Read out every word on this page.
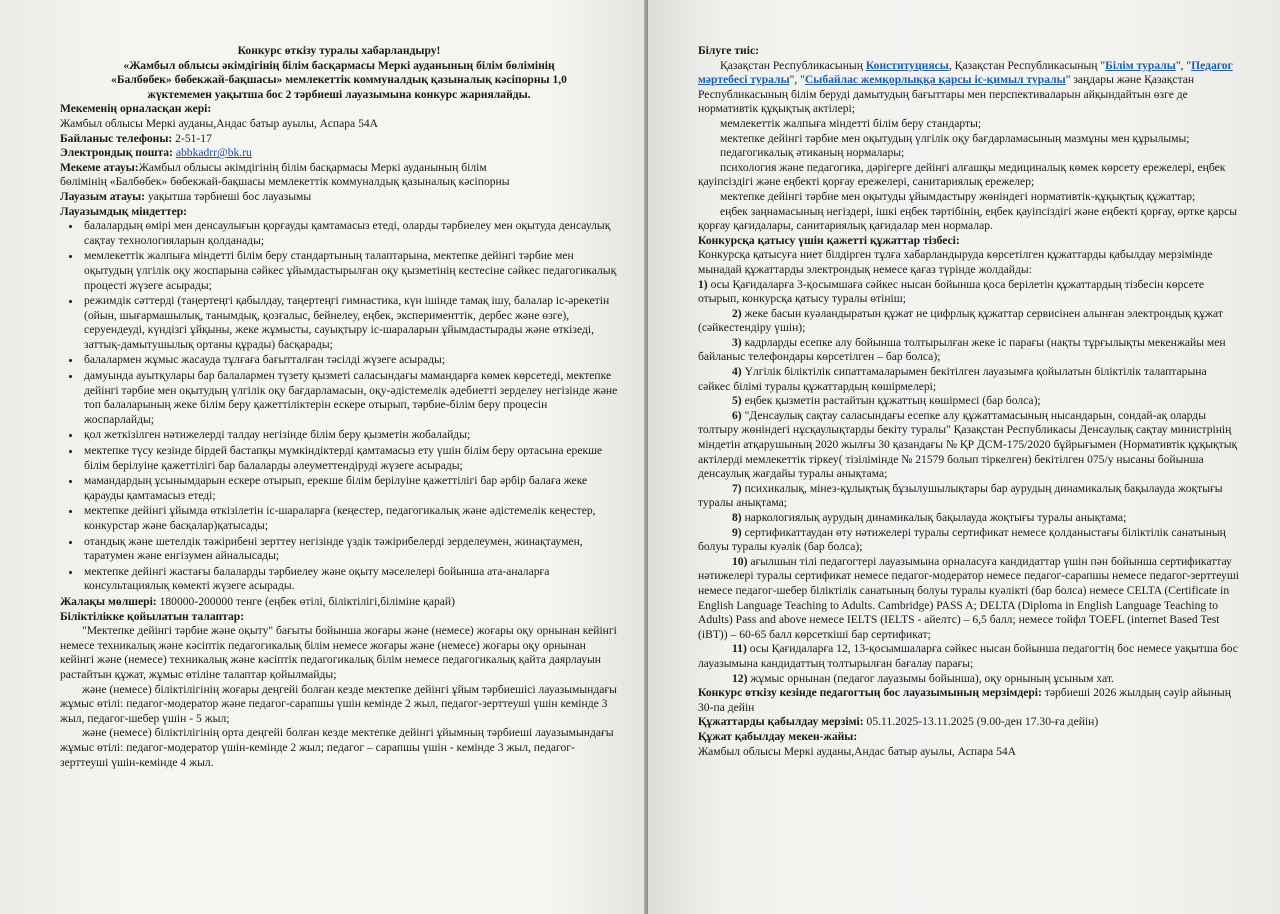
Конкурс өткізу туралы хабарландыру!

«Жамбыл облысы әкімдігінің білім басқармасы Меркі ауданының білім бөлімінің

«Балбөбек» бөбекжай-бақшасы» мемлекеттік коммуналдық қазыналық кәсіпорны 1,0

жүктемемен уақытша бос 2 тәрбиеші лауазымына конкурс жариялайды.

Мекеменің орналасқан жері:

Жамбыл облысы Меркі ауданы,Андас батыр ауылы, Аспара 54А

Байланыс телефоны: 2-51-17

Электрондық поштa: abbkadrr@bk.ru

Мекеме атауы:Жамбыл облысы әкімдігінің білім басқармасы Меркі ауданының білім

бөлімінің «Балбөбек» бөбекжай-бақшасы мемлекеттік коммуналдық қазыналық кәсіпорны

Лауазым атауы: уақытша тәрбиеші бос лауазымы

Лауазымдық міндеттер:

• балалардың өмірі мен денсаулығын қорғауды қамтамасыз етеді, оларды тәрбиелеу мен оқытуда денсаулық сақтау технологияларын қолданады;
• мемлекеттік жалпыға міндетті білім беру стандартының талаптарына, мектепке дейінгі тәрбие мен оқытудың үлгілік оқу жоспарына сәйкес ұйымдастырылған оқу қызметінің кестесіне сәйкес педагогикалық процесті жүзеге асырады;
• режимдік сәттерді (таңертеңгі қабылдау, таңертеңгі гимнастика, күн ішінде тамақ ішу, балалар іс-әрекетін (ойын, шығармашылық, танымдық, қозғалыс, бейнелеу, еңбек, эксперименттік, дербес және өзге), серуендеуді, күндізгі ұйқыны, жеке жұмысты, сауықтыру іс-шараларын ұйымдастырады және өткізеді, заттық-дамытушылық ортаны құрады) басқарады;
• балалармен жұмыс жасауда тұлғаға бағытталған тәсілді жүзеге асырады;
• дамуында ауытқулары бар балалармен түзету қызметі саласындағы мамандарға көмек көрсетеді, мектепке дейінгі тәрбие мен оқытудың үлгілік оқу бағдарламасын, оқу-әдістемелік әдебиетті зерделеу негізінде және топ балаларының жеке білім беру қажеттіліктерін ескере отырып, тәрбие-білім беру процесін жоспарлайды;
• қол жеткізілген нәтижелерді талдау негізінде білім беру қызметін жобалайды;
• мектепке түсу кезінде бірдей бастапқы мүмкіндіктерді қамтамасыз ету үшін білім беру ортасына ерекше білім берілуіне қажеттілігі бар балаларды әлеуметтендіруді жүзеге асырады;
• мамандардың ұсынымдарын ескере отырып, ерекше білім берілуіне қажеттілігі бар әрбір балаға жеке қарауды қамтамасыз етеді;
• мектепке дейінгі ұйымда өткізілетін іс-шараларға (кеңестер, педагогикалық және әдістемелік кеңестер, конкурстар және басқалар)қатысады;
• отандық және шетелдік тәжірибені зерттеу негізінде үздік тәжірибелерді зерделеумен, жинақтаумен, таратумен және енгізумен айналысады;
• мектепке дейінгі жастағы балаларды тәрбиелеу және оқыту мәселелері бойынша ата-аналарға консультациялық көмекті жүзеге асырады.

Жалақы мөлшері: 180000-200000 тенге (еңбек өтілі, біліктілігі,біліміне қарай)

Біліктілікке қойылатын талаптар:

"Мектепке дейінгі тәрбие және оқыту" бағыты бойынша жоғары және (немесе) жоғары оқу орнынан кейінгі немесе техникалық және кәсіптік педагогикалық білім немесе жоғары және (немесе) жоғары оқу орнынан кейінгі және (немесе) техникалық және кәсіптік педагогикалық білім немесе педагогикалық қайта даярлауын растайтын құжат, жұмыс өтіліне талаптар қойылмайды;

және (немесе) біліктілігінің жоғары деңгейі болған кезде мектепке дейінгі ұйым тәрбиешісі лауазымындағы жұмыс өтілі: педагог-модератор және педагог-сарапшы үшін кемінде 2 жыл, педагог-зерттеуші үшін кемінде 3 жыл, педагог-шебер үшін - 5 жыл;

және (немесе) біліктілігінің орта деңгейі болған кезде мектепке дейінгі ұйымның тәрбиеші лауазымындағы жұмыс өтілі: педагог-модератор үшін-кемінде 2 жыл; педагог – сарапшы үшін - кемінде 3 жыл, педагог-зерттеуші үшін-кемінде 4 жыл.

Білуге тиіс:

Қазақстан Республикасының Конституциясы, Қазақстан Республикасының "Білім туралы", "Педагог мәртебесі туралы", "Сыбайлас жемқорлыққа қарсы іс-қимыл туралы" заңдары және Қазақстан Республикасының білім беруді дамытудың бағыттары мен перспективаларын айқындайтын өзге де нормативтік құқықтық актілері;

мемлекеттік жалпыға міндетті білім беру стандарты;

мектепке дейінгі тәрбие мен оқытудың үлгілік оқу бағдарламасының мазмұны мен құрылымы;

педагогикалық әтиканың нормалары;

психология және педагогика, дәрігерге дейінгі алғашқы медициналық көмек көрсету ережелері, еңбек қауіпсіздігі және еңбекті қорғау ережелері, санитариялық ережелер;

мектепке дейінгі тәрбие мен оқытуды ұйымдастыру жөніндегі нормативтік-құқықтық құжаттар;

еңбек заңнамасының негіздері, ішкі еңбек тәртібінің, еңбек қауіпсіздігі және еңбекті қорғау, өртке қарсы қорғау қағидалары, санитариялық қағидалар мен нормалар.

Конкурсқа қатысу үшін қажетті құжаттар тізбесі:

Конкурсқа қатысуға ниет білдірген тұлға хабарландыруда көрсетілген құжаттарды қабылдау мерзімінде мынадай құжаттарды электрондық немесе қағаз түрінде жолдайды:

1) осы Қағидаларға 3-қосымшаға сәйкес нысан бойынша қоса берілетін құжаттардың тізбесін көрсете отырып, конкурсқа қатысу туралы өтініш;

2) жеке басын куәландыратын құжат не цифрлық құжаттар сервисінен алынған электрондық құжат (сәйкестендіру үшін);

3) кадрларды есепке алу бойынша толтырылған жеке іс парағы (нақты тұрғылықты мекенжайы мен байланыс телефондары көрсетілген – бар болса);

4) Үлгілік біліктілік сипаттамаларымен бекітілген лауазымға қойылатын біліктілік талаптарына сәйкес білімі туралы құжаттардың көшірмелері;

5) еңбек қызметін растайтын құжаттың көшірмесі (бар болса);

6) "Денсаулық сақтау саласындағы есепке алу құжаттамасының нысандарын, сондай-ақ оларды толтыру жөніндегі нұсқаулықтарды бекіту туралы" Қазақстан Республикасы Денсаулық сақтау министрінің міндетін атқарушының 2020 жылғы 30 қазандағы № ҚР ДСМ-175/2020 бұйрығымен (Нормативтік құқықтық актілерді мемлекеттік тіркеу( тізілімінде № 21579 болып тіркелген) бекітілген 075/у нысаны бойынша денсаулық жағдайы туралы анықтама;

7) психикалық, мінез-құлықтық бұзылушылықтары бар аурудың динамикалық бақылауда жоқтығы туралы анықтама;

8) наркологиялық аурудың динамикалық бақылауда жоқтығы туралы анықтама;

9) сертификаттаудан өту нәтижелері туралы сертификат немесе қолданыстағы біліктілік санатының болуы туралы куәлік (бар болса);

10) ағылшын тілі педагогтері лауазымына орналасуға кандидаттар үшін пән бойынша сертификаттау нәтижелері туралы сертификат немесе педагог-модератор немесе педагог-сарапшы немесе педагог-зерттеуші немесе педагог-шебер біліктілік санатының болуы туралы куәлікті (бар болса) немесе CELTA (Certificate in English Language Teaching to Adults. Cambridge) PASS A; DELTA (Diploma in English Language Teaching to Adults) Pass and above немесе IELTS (IELTS - айелтс) – 6,5 балл; немесе тойфл TOEFL (internet Based Test (iBT)) – 60-65 балл көрсеткіші бар сертификат;

11) осы Қағидаларға 12, 13-қосымшаларға сәйкес нысан бойынша педагогтің бос немесе уақытша бос лауазымына кандидаттың толтырылған бағалау парағы;

12) жұмыс орнынан (педагог лауазымы бойынша), оқу орнының ұсыным хат.

Конкурс өткізу кезінде педагогтың бос лауазымының мерзімдері: тәрбиеші 2026 жылдың сәуір айының 30-па дейін

Құжаттарды қабылдау мерзімі: 05.11.2025-13.11.2025 (9.00-ден 17.30-ға дейін)

Құжат қабылдау мекен-жайы:

Жамбыл облысы Меркі ауданы,Андас батыр ауылы, Аспара 54А
